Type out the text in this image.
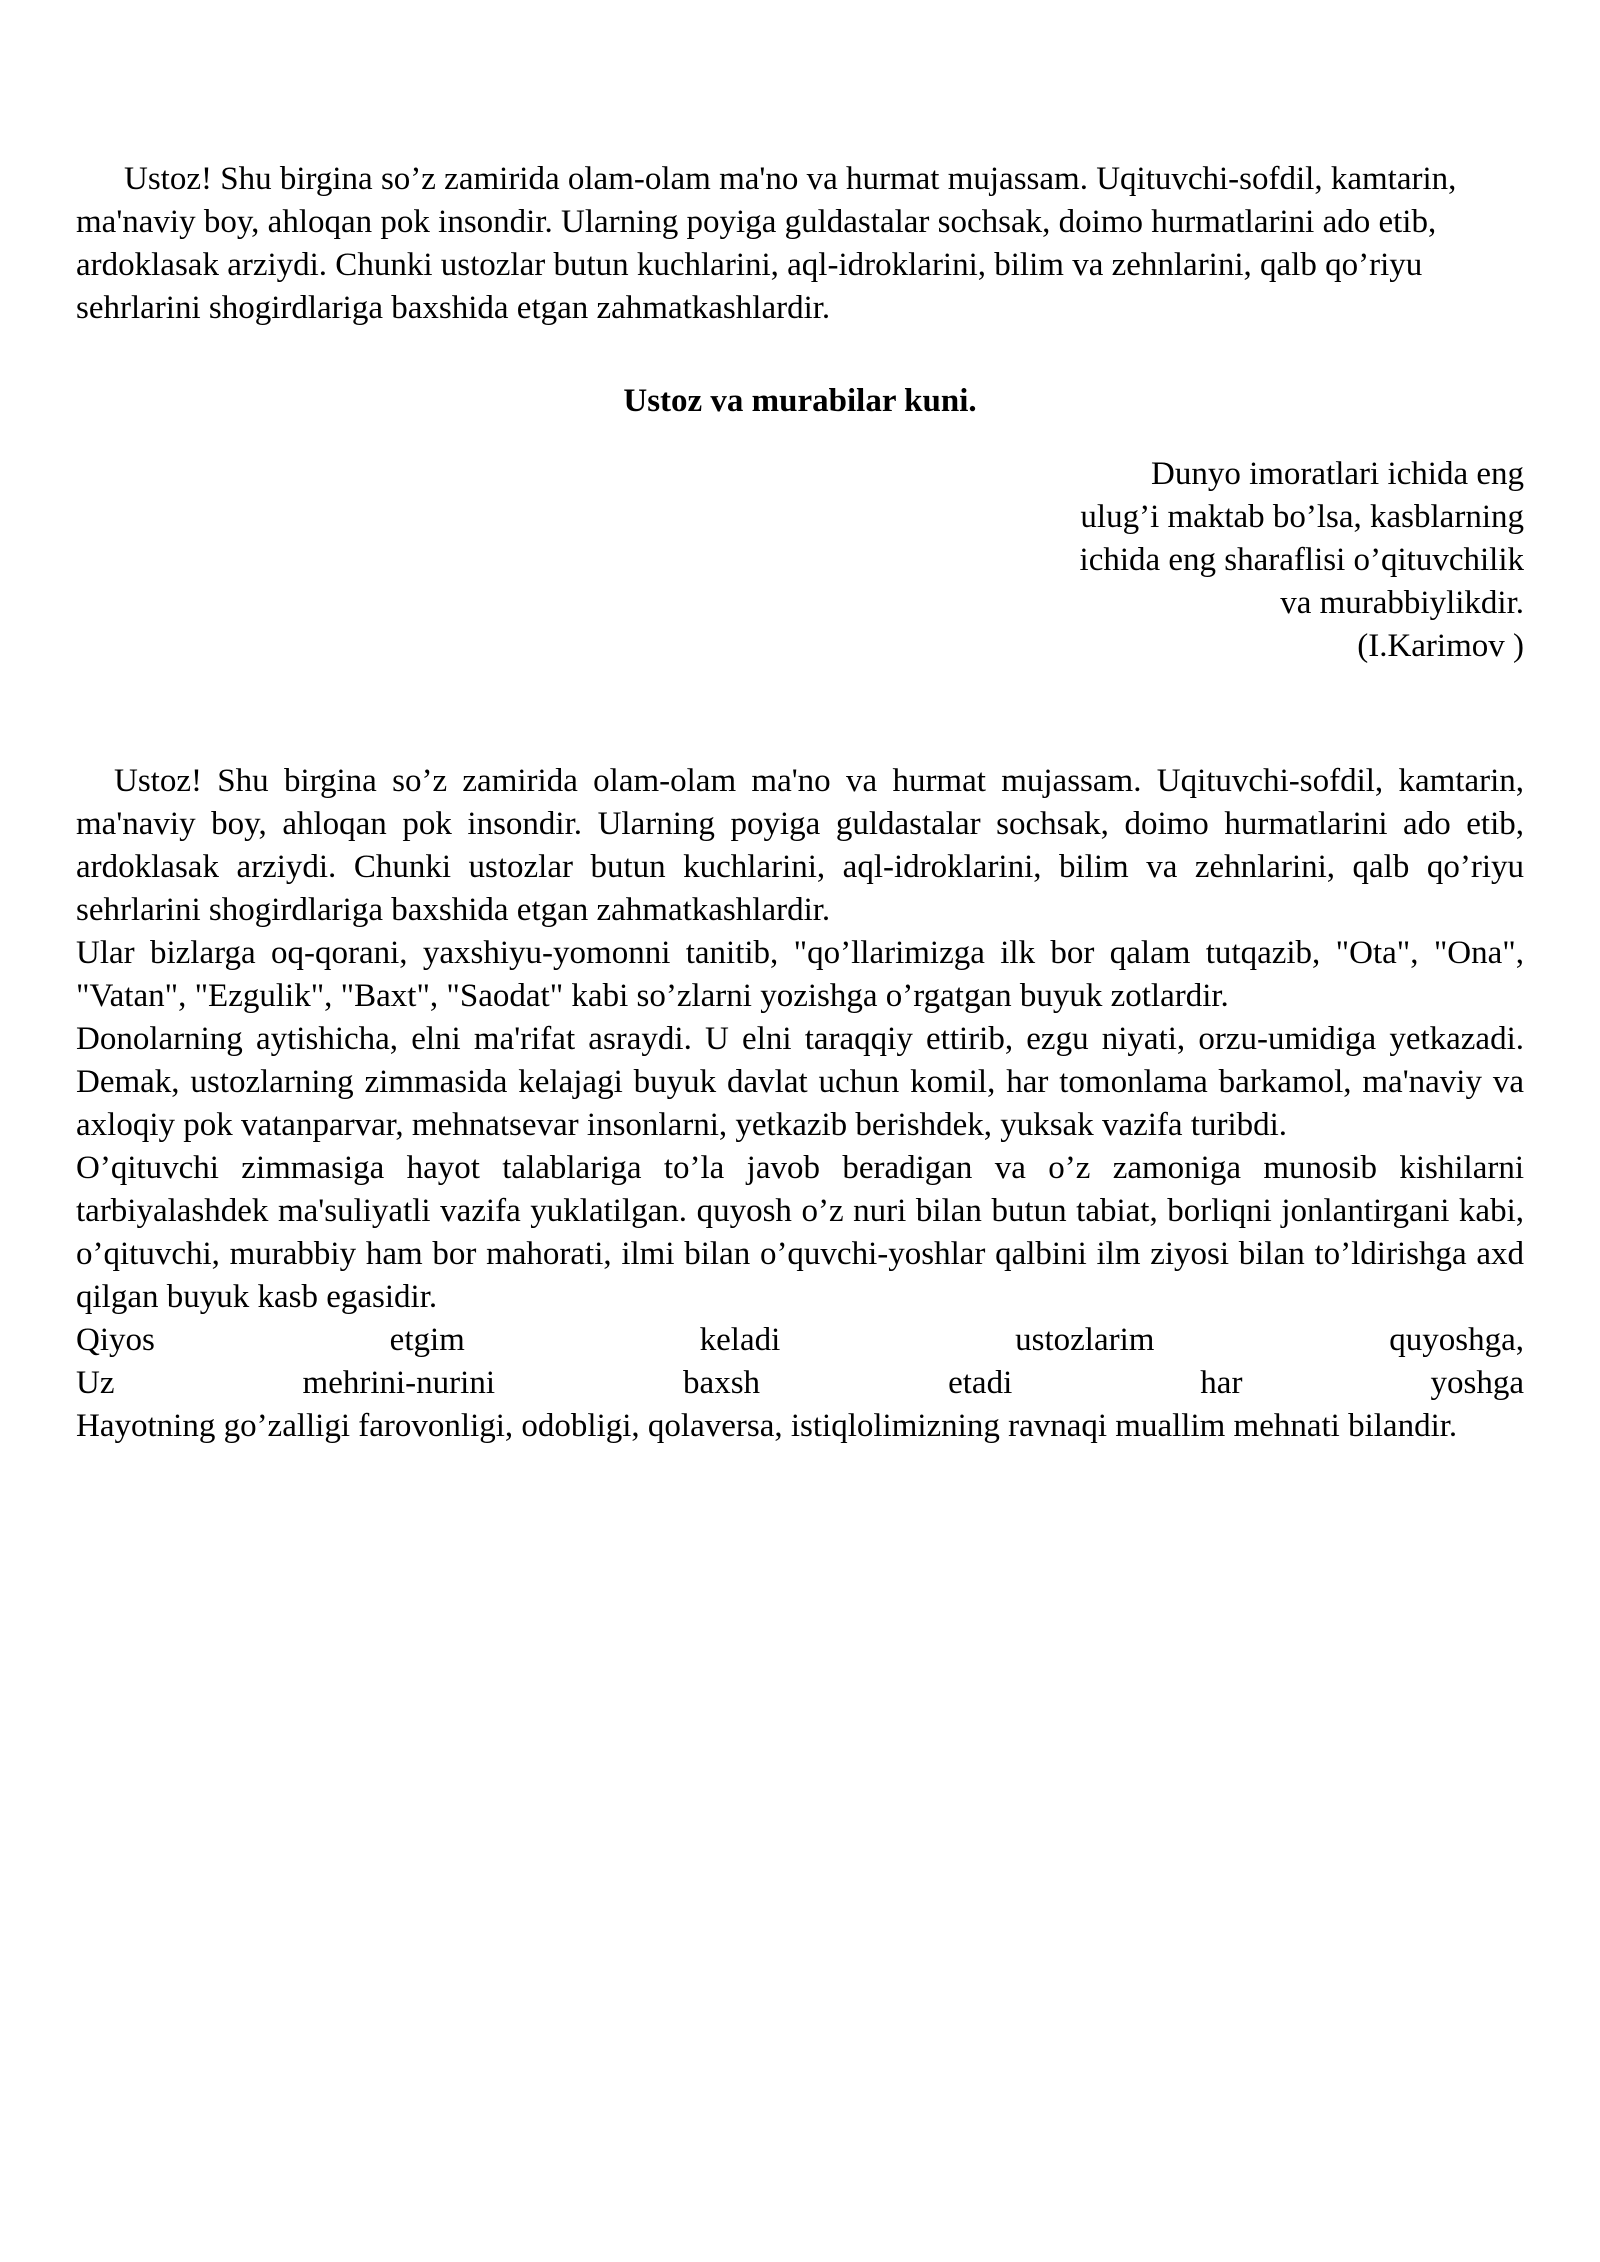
Ustoz! Shu birgina so’z zamirida olam-olam ma'no va hurmat mujassam. Uqituvchi-sofdil, kamtarin, ma'naviy boy, ahloqan pok insondir. Ularning poyiga guldastalar sochsak, doimo hurmatlarini ado etib, ardoklasak arziydi. Chunki ustozlar butun kuchlarini, aql-idroklarini, bilim va zehnlarini, qalb qo’riyu sehrlarini shogirdlariga baxshida etgan zahmatkashlardir.

Ustoz va murabilar kuni.
Dunyo imoratlari ichida eng
ulug’i maktab bo’lsa, kasblarning
ichida eng sharaflisi o’qituvchilik
va murabbiylikdir.
(I.Karimov )

Ustoz! Shu birgina so’z zamirida olam-olam ma'no va hurmat mujassam. Uqituvchi-sofdil, kamtarin, ma'naviy boy, ahloqan pok insondir. Ularning poyiga guldastalar sochsak, doimo hurmatlarini ado etib, ardoklasak arziydi. Chunki ustozlar butun kuchlarini, aql-idroklarini, bilim va zehnlarini, qalb qo’riyu sehrlarini shogirdlariga baxshida etgan zahmatkashlardir.

Ular bizlarga oq-qorani, yaxshiyu-yomonni tanitib, "qo’llarimizga ilk bor qalam tutqazib, "Ota", "Ona", "Vatan", "Ezgulik", "Baxt", "Saodat" kabi so’zlarni yozishga o’rgatgan buyuk zotlardir.

Donolarning aytishicha, elni ma'rifat asraydi. U elni taraqqiy ettirib, ezgu niyati, orzu-umidiga yetkazadi. Demak, ustozlarning zimmasida kelajagi buyuk davlat uchun komil, har tomonlama barkamol, ma'naviy va axloqiy pok vatanparvar, mehnatsevar insonlarni, yetkazib berishdek, yuksak vazifa turibdi.

O’qituvchi zimmasiga hayot talablariga to’la javob beradigan va o’z zamoniga munosib kishilarni tarbiyalashdek ma'suliyatli vazifa yuklatilgan. quyosh o’z nuri bilan butun tabiat, borliqni jonlantirgani kabi, o’qituvchi, murabbiy ham bor mahorati, ilmi bilan o’quvchi-yoshlar qalbini ilm ziyosi bilan to’ldirishga axd qilgan buyuk kasb egasidir.

Qiyos etgim keladi ustozlarim quyoshga,

Uz mehrini-nurini baxsh etadi har yoshga

Hayotning go’zalligi farovonligi, odobligi, qolaversa, istiqlolimizning ravnaqi muallim mehnati bilandir.
